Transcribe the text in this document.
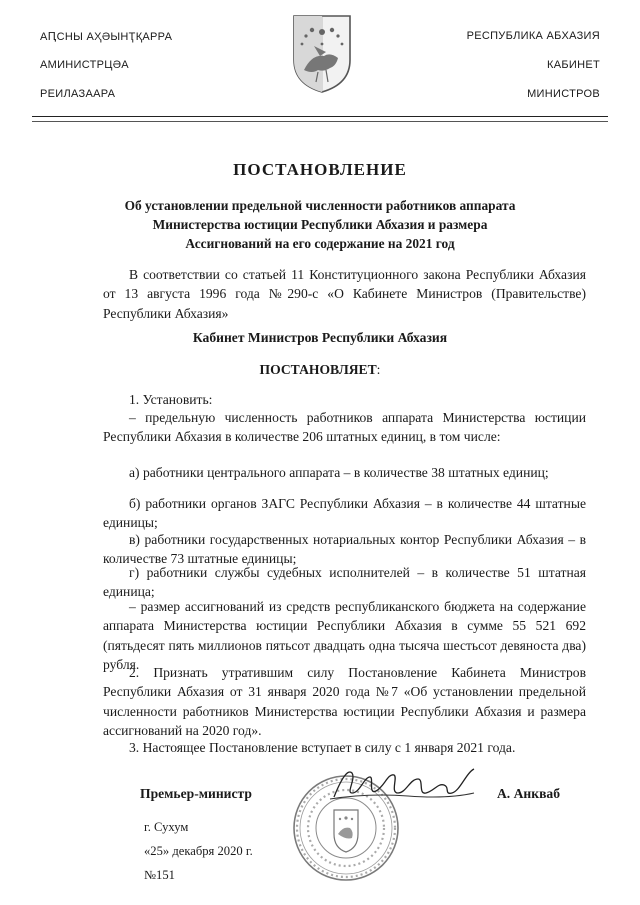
АԤСНЫ АҲӘЫНҬҚАРРА
АМИНИСТРЦӘА
РЕИЛАЗААРА
РЕСПУБЛИКА АБХАЗИЯ
КАБИНЕТ
МИНИСТРОВ
ПОСТАНОВЛЕНИЕ
Об установлении предельной численности работников аппарата
Министерства юстиции Республики Абхазия и размера
Ассигнований на его содержание на 2021 год
В соответствии со статьей 11 Конституционного закона Республики Абхазия от 13 августа 1996 года №290-с «О Кабинете Министров (Правительстве) Республики Абхазия»
Кабинет Министров Республики Абхазия
ПОСТАНОВЛЯЕТ:
1. Установить:
– предельную численность работников аппарата Министерства юстиции Республики Абхазия в количестве 206 штатных единиц, в том числе:
а) работники центрального аппарата – в количестве 38 штатных единиц;
б) работники органов ЗАГС Республики Абхазия – в количестве 44 штатные единицы;
в) работники государственных нотариальных контор Республики Абхазия – в количестве 73 штатные единицы;
г) работники службы судебных исполнителей – в количестве 51 штатная единица;
– размер ассигнований из средств республиканского бюджета на содержание аппарата Министерства юстиции Республики Абхазия в сумме 55 521 692 (пятьдесят пять миллионов пятьсот двадцать одна тысяча шестьсот девяноста два) рубля.
2. Признать утратившим силу Постановление Кабинета Министров Республики Абхазия от 31 января 2020 года №7 «Об установлении предельной численности работников Министерства юстиции Республики Абхазия и размера ассигнований на 2020 год».
3. Настоящее Постановление вступает в силу с 1 января 2021 года.
Премьер-министр	А. Анкваб
г. Сухум
«25» декабря 2020 г.
№151
